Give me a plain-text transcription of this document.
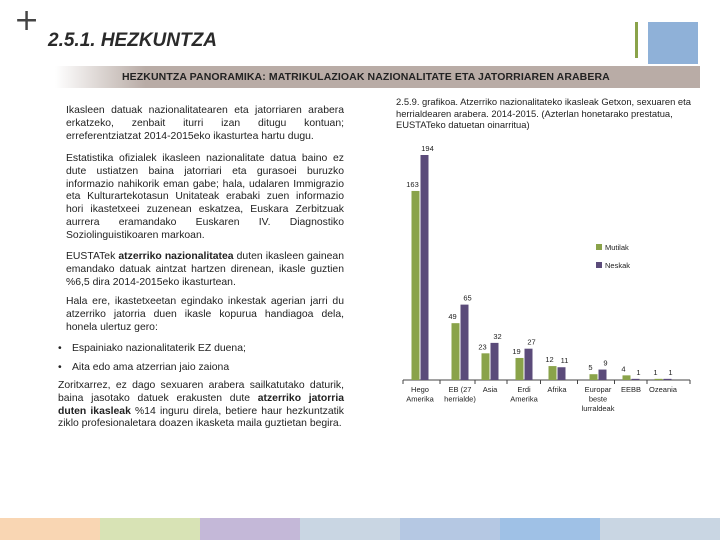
+
2.5.1. HEZKUNTZA
HEZKUNTZA PANORAMIKA: MATRIKULAZIOAK NAZIONALITATE ETA JATORRIAREN ARABERA
Ikasleen datuak nazionalitatearen eta jatorriaren arabera erkatzeko, zenbait iturri izan ditugu kontuan; erreferentziatzat 2014-2015eko ikasturtea hartu dugu.
Estatistika ofizialek ikasleen nazionalitate datua baino ez dute ustiatzen baina jatorriari eta gurasoei buruzko informazio nahikorik eman gabe; hala, udalaren Immigrazio eta Kulturartekotasun Unitateak erabaki zuen informazio hori ikastetxeei zuzenean eskatzea, Euskara Zerbitzuak aurrera eramandako Euskaren IV. Diagnostiko Soziolinguistikoaren markoan.
EUSTATek atzerriko nazionalitatea duten ikasleen gainean emandako datuak aintzat hartzen direnean, ikasle guztien %6,5 dira 2014-2015eko ikasturtean.
Hala ere, ikastetxeetan egindako inkestak agerian jarri du atzerriko jatorria duen ikasle kopurua handiagoa dela, honela ulertuz gero:
• Espainiako nazionalitaterik EZ duena;
• Aita edo ama atzerrian jaio zaiona
Zoritxarrez, ez dago sexuaren arabera sailkatutako daturik, baina jasotako datuek erakusten dute atzerriko jatorria duten ikasleak %14 inguru direla, betiere haur hezkuntzatik ziklo profesionaletara doazen ikasketa maila guztietan begira.
2.5.9. grafikoa. Atzerriko nazionalitateko ikasleak Getxon, sexuaren eta herrialdearen arabera. 2014-2015. (Azterlan honetarako prestatua, EUSTATeko datuetan oinarritua)
163
49
23
19
12
5	4	1
194
65
32
27
11	9
1	1
Hego
Amerika
EB (27
herrialde)
Asia	Erdi
Amerika
Afrika Europar
beste
lurraldeak
EEBB Ozeania
Mutilak
Neskak
